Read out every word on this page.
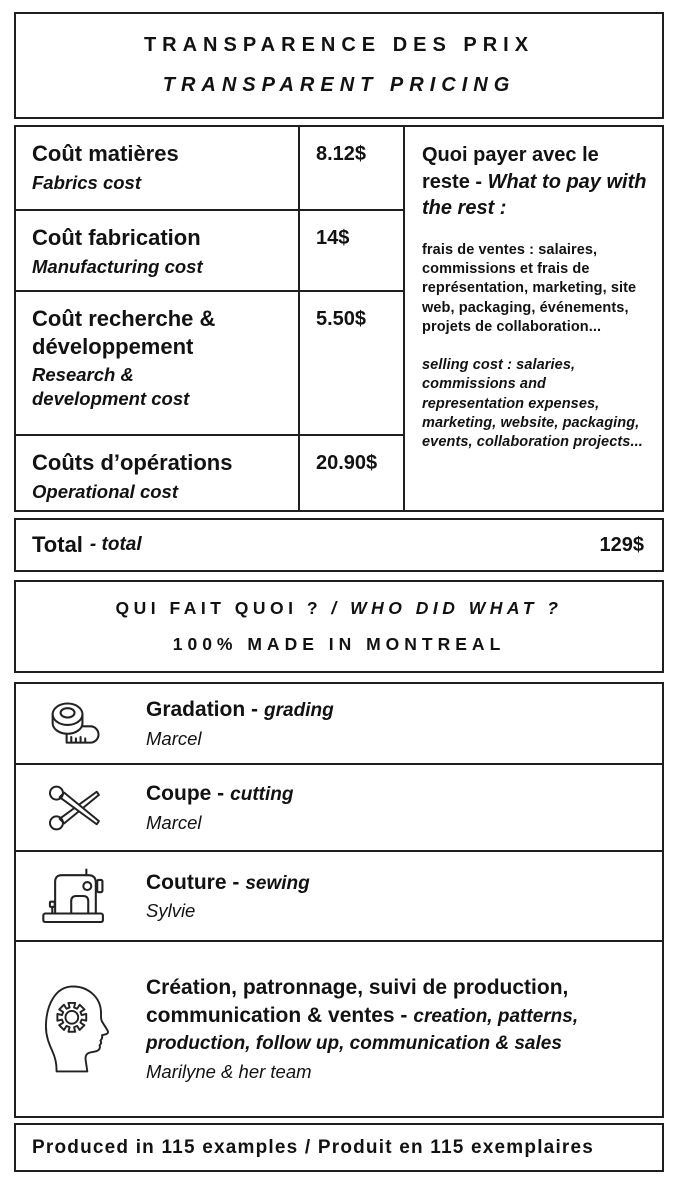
TRANSPARENCE DES PRIX
TRANSPARENT PRICING
Coût matières
Fabrics cost
8.12$
Coût fabrication
Manufacturing cost
14$
Coût recherche & développement
Research & development cost
5.50$
Coûts d’opérations
Operational cost
20.90$
Quoi payer avec le reste - What to pay with the rest :
frais de ventes : salaires, commissions et frais de représentation, marketing, site web, packaging, événements, projets de collaboration...
selling cost : salaries, commissions and representation expenses, marketing, website, packaging, events, collaboration projects...
Total - total	129$
QUI FAIT QUOI ? / WHO DID WHAT ?
100% MADE IN MONTREAL
Gradation - grading
Marcel
Coupe - cutting
Marcel
Couture - sewing
Sylvie
Création, patronnage, suivi de production, communication & ventes - creation, patterns, production, follow up, communication & sales
Marilyne & her team
Produced in 115 examples / Produit en 115 exemplaires
